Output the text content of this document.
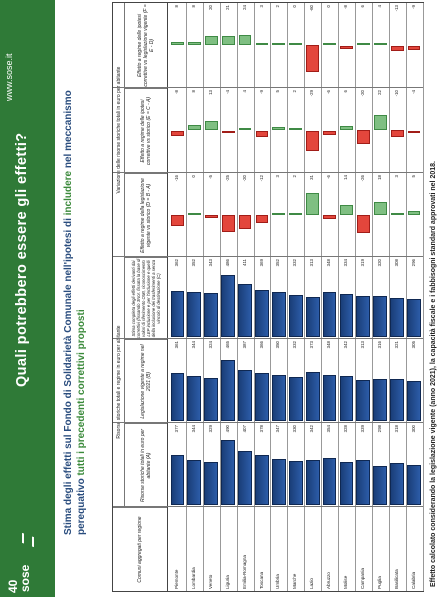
40
sose
Quali potrebbero essere gli effetti?
www.sose.it
Stima degli effetti sul Fondo di Solidarietà Comunale nell'ipotesi di includere nel meccanismo perequativo tutti i precedenti correttivi proposti
Comuni aggregati per regione
Risorse storiche totali e regime in euro per abitante
Variazione delle risorse storiche totali in euro per abitante
Risorse storiche totali in euro per abitante (A)
Legislazione vigente a regime nel 2021 (B)
Stima completa degli effetti derivanti dai correttivi (fissando 3Nor. fissata la base di valori di riferimento OMI, riconoscimento LEP inclusione e per l'inclusione e quelli della inclusione dei trasferimenti a senza vincolo di destinazione (C)
Effetto a regime della legislazione vigente vs storico (D = B - A)
Effetto a regime delle ipotesi correttive vs storico (E = C - A)
Effetto a regime delle ipotesi correttive vs legislazione vigente (F = E - D)
Piemonte
377
361
362
-16
-8
8
Lombardia
344
344
352
0
8
8
Veneto
329
324
343
-5
13
20
Liguria
490
465
486
-25
-4
21
Emilia-Romagna
407
387
411
-20
4
24
Toscana
378
366
369
-12
-9
3
Umbria
347
350
352
3
5
2
Marche
330
332
332
2
2
0
Lazio
342
373
313
31
-29
-60
Abruzzo
354
348
348
-6
-6
0
Molise
328
342
334
14
6
-8
Campania
339
313
319
-26
-20
6
Puglia
298
316
320
18
22
4
Basilicata
318
321
308
3
-10
-13
Calabria
300
305
296
5
-4
-9
Effetto calcolato considerando la legislazione vigente (anno 2021), la capacità fiscale e i fabbisogni standard approvati nel 2018.
